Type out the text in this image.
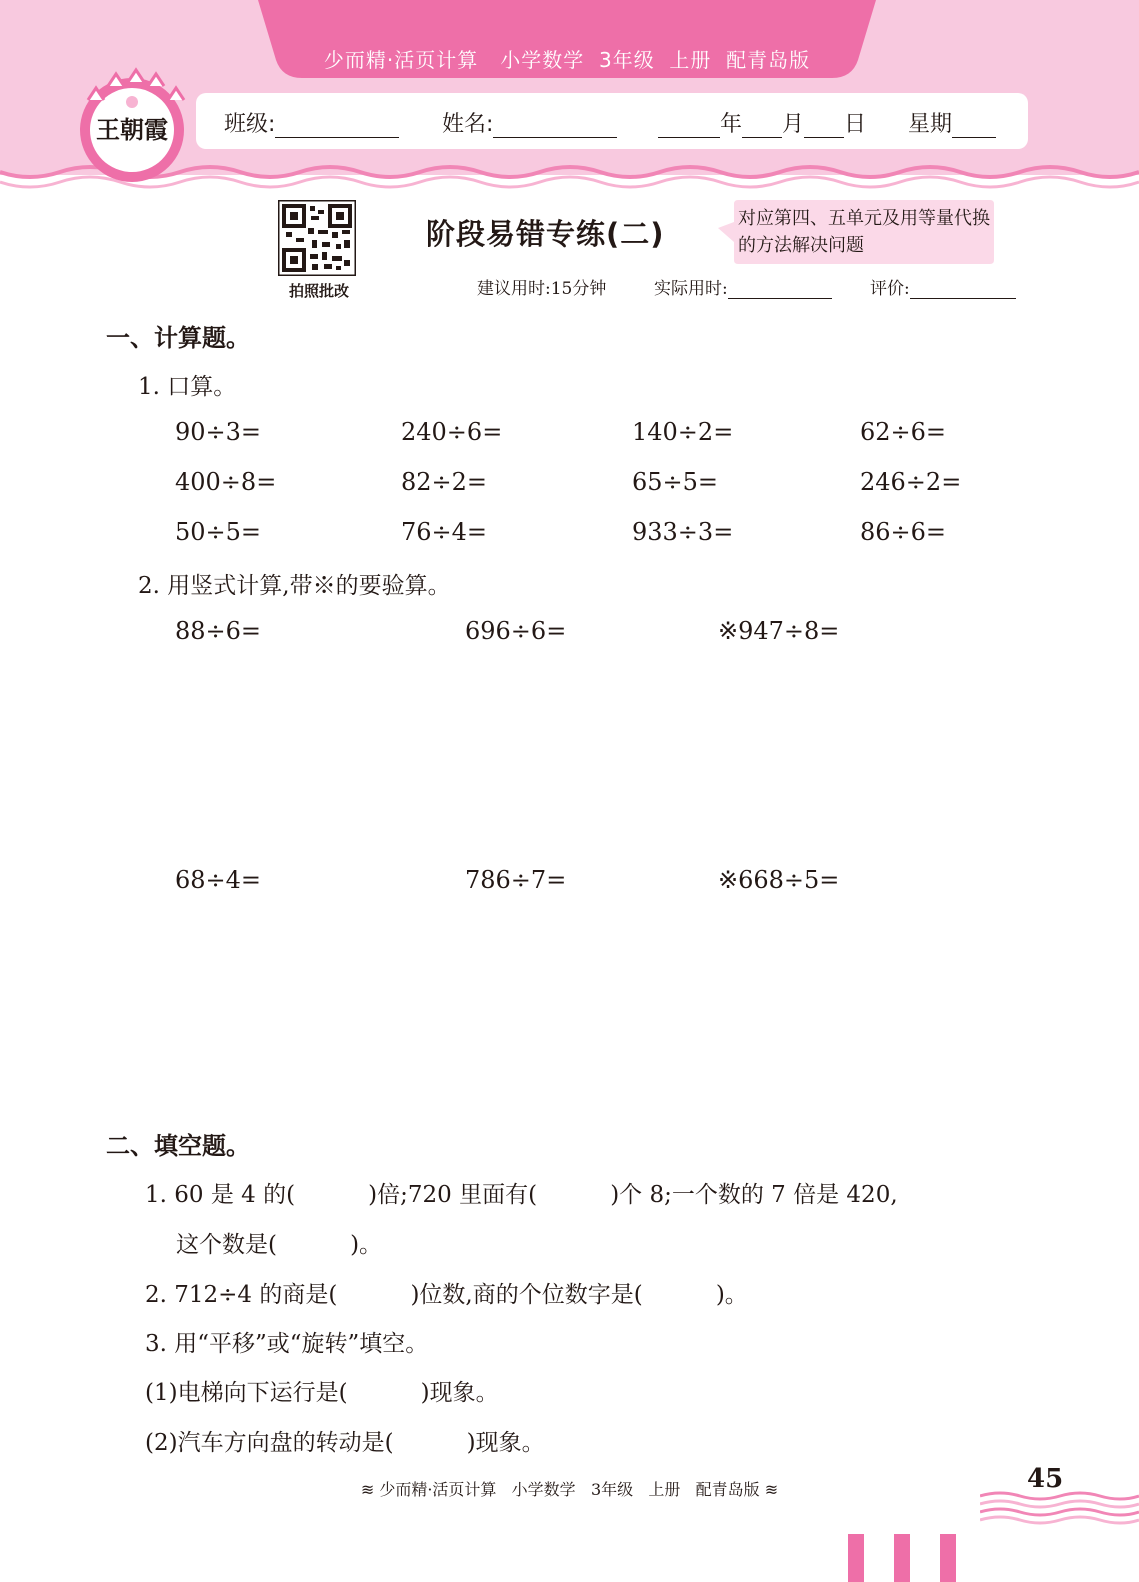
少而精·活页计算   小学数学  3年级  上册  配青岛版
班级:	姓名:	年 月 日 星期
王朝霞
拍照批改
阶段易错专练(二)	对应第四、五单元及用等量代换的方法解决问题
建议用时:15分钟	实际用时:	评价:
一、计算题。
1. 口算。
90÷3=	240÷6=	140÷2=	62÷6=
400÷8=	82÷2=	65÷5=	246÷2=
50÷5=	76÷4=	933÷3=	86÷6=
2. 用竖式计算,带※的要验算。
88÷6=	696÷6=	※947÷8=
68÷4=	786÷7=	※668÷5=
二、填空题。
1. 60 是 4 的(          )倍;720 里面有(          )个 8;一个数的 7 倍是 420,
这个数是(          )。
2. 712÷4 的商是(          )位数,商的个位数字是(          )。
3. 用“平移”或“旋转”填空。
(1)电梯向下运行是(          )现象。
(2)汽车方向盘的转动是(          )现象。
≋ 少而精·活页计算   小学数学   3年级   上册   配青岛版 ≋	45
